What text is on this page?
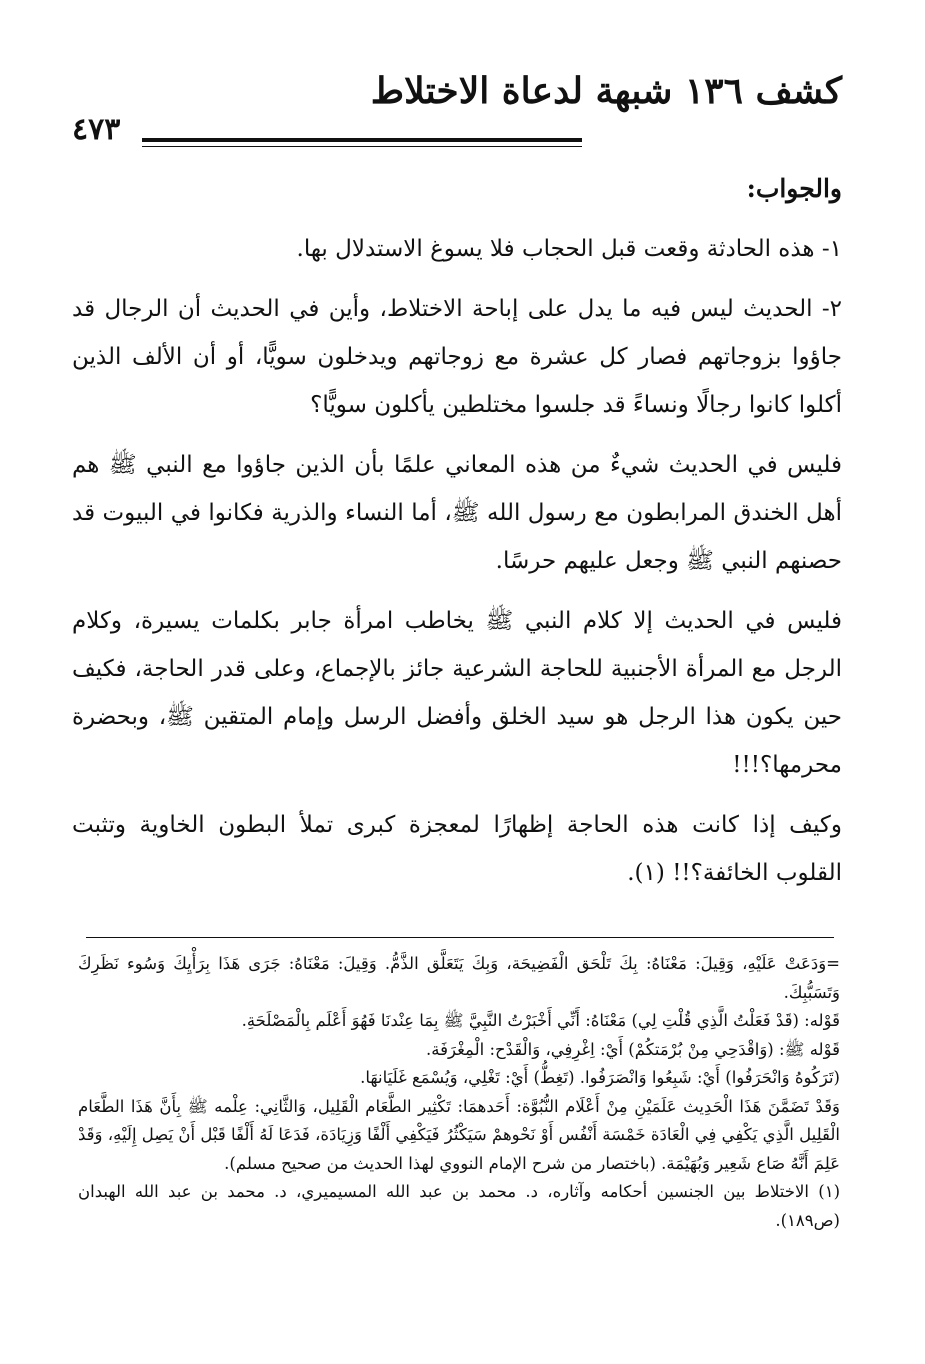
كشف ١٣٦ شبهة لدعاة الاختلاط
٤٧٣

والجواب:

١- هذه الحادثة وقعت قبل الحجاب فلا يسوغ الاستدلال بها.

٢- الحديث ليس فيه ما يدل على إباحة الاختلاط، وأين في الحديث أن الرجال قد جاؤوا بزوجاتهم فصار كل عشرة مع زوجاتهم ويدخلون سويًّا، أو أن الألف الذين أكلوا كانوا رجالًا ونساءً قد جلسوا مختلطين يأكلون سويًّا؟

فليس في الحديث شيءٌ من هذه المعاني علمًا بأن الذين جاؤوا مع النبي ﷺ هم أهل الخندق المرابطون مع رسول الله ﷺ، أما النساء والذرية فكانوا في البيوت قد حصنهم النبي ﷺ وجعل عليهم حرسًا.

فليس في الحديث إلا كلام النبي ﷺ يخاطب امرأة جابر بكلمات يسيرة، وكلام الرجل مع المرأة الأجنبية للحاجة الشرعية جائز بالإجماع، وعلى قدر الحاجة، فكيف حين يكون هذا الرجل هو سيد الخلق وأفضل الرسل وإمام المتقين ﷺ، وبحضرة محرمها؟!!!

وكيف إذا كانت هذه الحاجة إظهارًا لمعجزة كبرى تملأ البطون الخاوية وتثبت القلوب الخائفة؟!! (١).

=وَدَعَتْ عَلَيْهِ، وَقِيلَ: مَعْنَاهُ: بِكَ تَلْحَق الْفَضِيحَة، وَبِكَ يَتَعَلَّق الذَّمُّ. وَقِيلَ: مَعْنَاهُ: جَرَى هَذَا بِرَأْيِكَ وَسُوء نَظَرِكَ وَتَسَبُّبِكَ.

قَوْله: (قَدْ فَعَلْتُ الَّذِي قُلْتِ لِي) مَعْنَاهُ: أَنِّي أَخْبَرْتُ النَّبِيَّ ﷺ بِمَا عِنْدنَا فَهُوَ أَعْلَم بِالْمَصْلَحَةِ.

قَوْله ﷺ: (وَاقْدَحِي مِنْ بُرْمَتكُمْ) أَيْ: اِغْرِفِي، وَالْقَدْح: الْمِغْرَفَة.

(تَرَكُوهُ وَانْحَرَفُوا) أَيْ: شَبِعُوا وَانْصَرَفُوا. (تَغِطُّ) أَيْ: تَغْلِي، وَيُسْمَع غَلَيَانهَا.

وَقَدْ تَضَمَّنَ هَذَا الْحَدِيث عَلَمَيْنِ مِنْ أَعْلَام النُّبُوَّة: أَحَدهمَا: تَكْثِير الطَّعَام الْقَلِيل، وَالثَّانِي: عِلْمه ﷺ بِأَنَّ هَذَا الطَّعَام الْقَلِيل الَّذِي يَكْفِي فِي الْعَادَة خَمْسَة أَنْفُس أَوْ نَحْوهمْ سَيَكْثُرُ فَيَكْفِي أَلْفًا وَزِيَادَة، فَدَعَا لَهُ أَلْفًا قَبْل أَنْ يَصِل إِلَيْهِ، وَقَدْ عَلِمَ أَنَّهُ صَاع شَعِير وَبُهَيْمَة. (باختصار من شرح الإمام النووي لهذا الحديث من صحيح مسلم).

(١) الاختلاط بين الجنسين أحكامه وآثاره، د. محمد بن عبد الله المسيميري، د. محمد بن عبد الله الهبدان (ص١٨٩).
